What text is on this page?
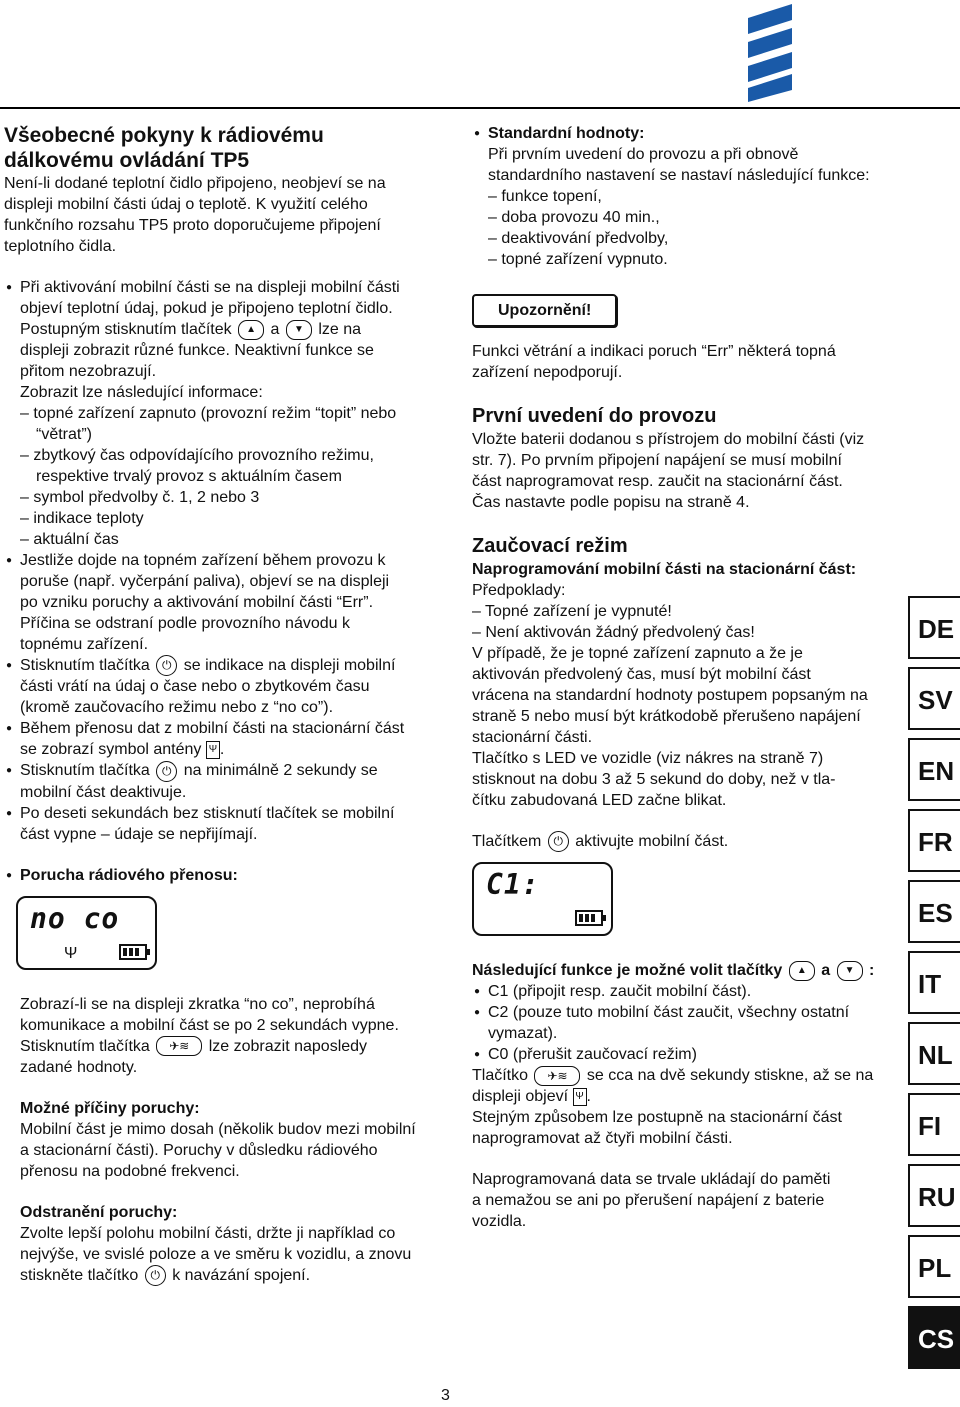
Všeobecné pokyny k rádiovému
dálkovému ovládání TP5
Není-li dodané teplotní čidlo připojeno, neobjeví se na
displeji mobilní části údaj o teplotě. K využití celého
funkčního rozsahu TP5 proto doporučujeme připojení
teplotního čidla.
● Při aktivování mobilní části se na displeji mobilní části
objeví teplotní údaj, pokud je připojeno teplotní čidlo.
Postupným stisknutím tlačítek ▲ a ▼ lze na
displeji zobrazit různé funkce. Neaktivní funkce se
přitom nezobrazují.
Zobrazit lze následující informace:
– topné zařízení zapnuto (provozní režim “topit” nebo
“větrat”)
– zbytkový čas odpovídajícího provozního režimu,
respektive trvalý provoz s aktuálním časem
– symbol předvolby č. 1, 2 nebo 3
– indikace teploty
– aktuální čas
● Jestliže dojde na topném zařízení během provozu k
poruše (např. vyčerpání paliva), objeví se na displeji
po vzniku poruchy a aktivování mobilní části “Err”.
Příčina se odstraní podle provozního návodu k
topnému zařízení.
● Stisknutím tlačítka ⏻ se indikace na displeji mobilní
části vrátí na údaj o čase nebo o zbytkovém času
(kromě zaučovacího režimu nebo z “no co”).
● Během přenosu dat z mobilní části na stacionární část
se zobrazí symbol antény Ψ .
● Stisknutím tlačítka ⏻ na minimálně 2 sekundy se
mobilní část deaktivuje.
● Po deseti sekundách bez stisknutí tlačítek se mobilní
část vypne – údaje se nepřijímají.
● Porucha rádiového přenosu:
no co
Ψ
Zobrazí-li se na displeji zkratka “no co”, neprobíhá
komunikace a mobilní část se po 2 sekundách vypne.
Stisknutím tlačítka ✈≋ lze zobrazit naposledy
zadané hodnoty.
Možné příčiny poruchy:
Mobilní část je mimo dosah (několik budov mezi mobilní
a stacionární části). Poruchy v důsledku rádiového
přenosu na podobné frekvenci.
Odstranění poruchy:
Zvolte lepší polohu mobilní části, držte ji například co
nejvýše, ve svislé poloze a ve směru k vozidlu, a znovu
stiskněte tlačítko ⏻ k navázání spojení.
● Standardní hodnoty:
Při prvním uvedení do provozu a při obnově
standardního nastavení se nastaví následující funkce:
– funkce topení,
– doba provozu 40 min.,
– deaktivování předvolby,
– topné zařízení vypnuto.
Upozornění!
Funkci větrání a indikaci poruch “Err” některá topná
zařízení nepodporují.
První uvedení do provozu
Vložte baterii dodanou s přístrojem do mobilní části (viz
str. 7). Po prvním připojení napájení se musí mobilní
část naprogramovat resp. zaučit na stacionární část.
Čas nastavte podle popisu na straně 4.
Zaučovací režim
Naprogramování mobilní části na stacionární část:
Předpoklady:
– Topné zařízení je vypnuté!
– Není aktivován žádný předvolený čas!
V případě, že je topné zařízení zapnuto a že je
aktivován předvolený čas, musí být mobilní část
vrácena na standardní hodnoty postupem popsaným na
straně 5 nebo musí být krátkodobě přerušeno napájení
stacionární části.
Tlačítko s LED ve vozidle (viz nákres na straně 7)
stisknout na dobu 3 až 5 sekund do doby, než v tla-
čítku zabudovaná LED začne blikat.
Tlačítkem ⏻ aktivujte mobilní část.
C1:
Následující funkce je možné volit tlačítky ▲ a ▼ :
● C1 (připojit resp. zaučit mobilní část).
● C2 (pouze tuto mobilní část zaučit, všechny ostatní
vymazat).
● C0 (přerušit zaučovací režim)
Tlačítko ✈≋ se cca na dvě sekundy stiskne, až se na
displeji objeví Ψ .
Stejným způsobem lze postupně na stacionární část
naprogramovat až čtyři mobilní části.
Naprogramovaná data se trvale ukládají do paměti
a nemažou se ani po přerušení napájení z baterie
vozidla.
DE
SV
EN
FR
ES
IT
NL
FI
RU
PL
CS
3
